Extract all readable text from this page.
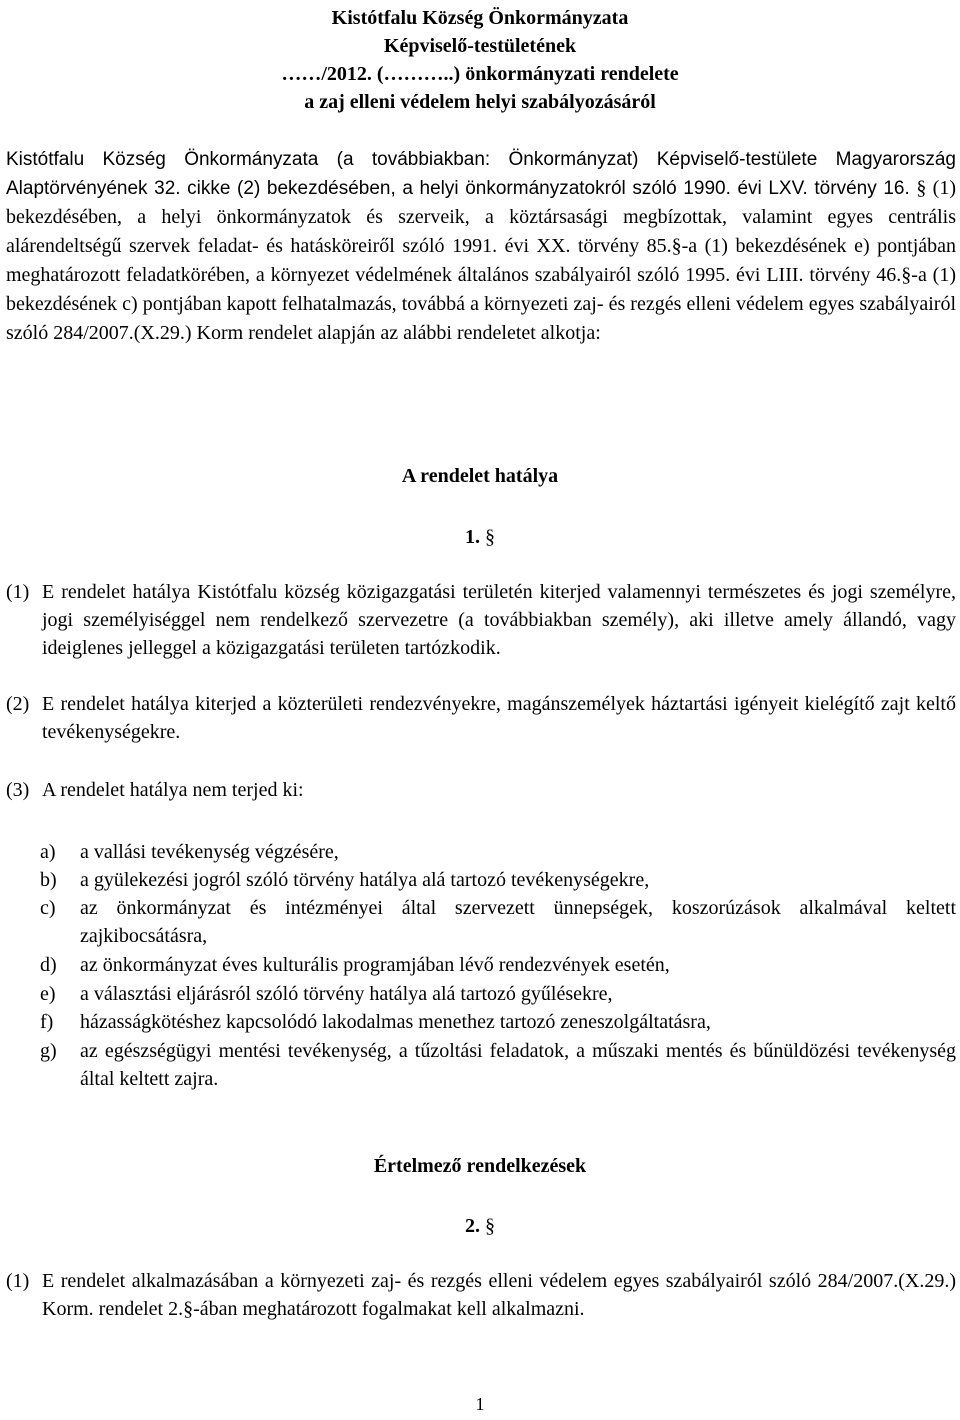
Kistótfalu Község Önkormányzata
Képviselő-testületének
……/2012. (………..) önkormányzati rendelete
a zaj elleni védelem helyi szabályozásáról
Kistótfalu Község Önkormányzata (a továbbiakban: Önkormányzat) Képviselő-testülete Magyarország Alaptörvényének 32. cikke (2) bekezdésében, a helyi önkormányzatokról szóló 1990. évi LXV. törvény 16. § (1) bekezdésében, a helyi önkormányzatok és szerveik, a köztársasági megbízottak, valamint egyes centrális alárendeltségű szervek feladat- és hatásköreiről szóló 1991. évi XX. törvény 85.§-a (1) bekezdésének e) pontjában meghatározott feladatkörében, a környezet védelmének általános szabályairól szóló 1995. évi LIII. törvény 46.§-a (1) bekezdésének c) pontjában kapott felhatalmazás, továbbá a környezeti zaj- és rezgés elleni védelem egyes szabályairól szóló 284/2007.(X.29.) Korm rendelet alapján az alábbi rendeletet alkotja:
A rendelet hatálya
1. §
(1) E rendelet hatálya Kistótfalu község közigazgatási területén kiterjed valamennyi természetes és jogi személyre, jogi személyiséggel nem rendelkező szervezetre (a továbbiakban személy), aki illetve amely állandó, vagy ideiglenes jelleggel a közigazgatási területen tartózkodik.
(2) E rendelet hatálya kiterjed a közterületi rendezvényekre, magánszemélyek háztartási igényeit kielégítő zajt keltő tevékenységekre.
(3) A rendelet hatálya nem terjed ki:
a)	a vallási tevékenység végzésére,
b)	a gyülekezési jogról szóló törvény hatálya alá tartozó tevékenységekre,
c)	az önkormányzat és intézményei által szervezett ünnepségek, koszorúzások alkalmával keltett zajkibocsátásra,
d)	az önkormányzat éves kulturális programjában lévő rendezvények esetén,
e)	a választási eljárásról szóló törvény hatálya alá tartozó gyűlésekre,
f)	házasságkötéshez kapcsolódó lakodalmas menethez tartozó zeneszolgáltatásra,
g)	az egészségügyi mentési tevékenység, a tűzoltási feladatok, a műszaki mentés és bűnüldözési tevékenység által keltett zajra.
Értelmező rendelkezések
2. §
(1) E rendelet alkalmazásában a környezeti zaj- és rezgés elleni védelem egyes szabályairól szóló 284/2007.(X.29.) Korm. rendelet 2.§-ában meghatározott fogalmakat kell alkalmazni.
1
